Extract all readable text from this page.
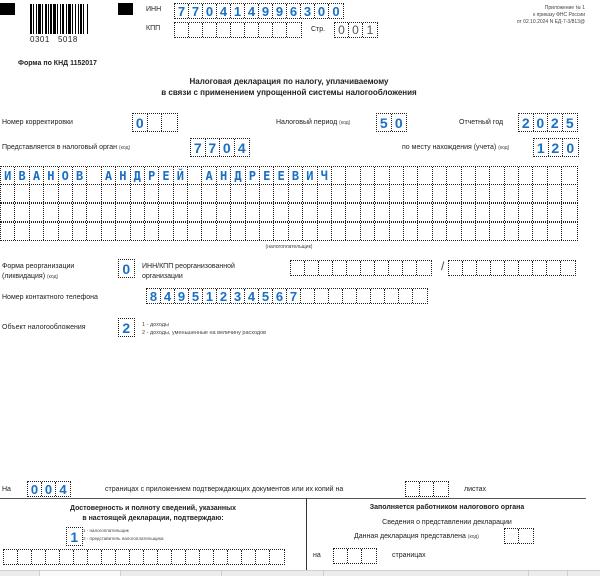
0301 5018
ИНН 7 7 0 4 1 4 9 9 6 3 0 0
КПП	Стр. 0 0 1
Приложение № 1
к приказу ФНС России
от 02.10.2024 N ЕД-7-3/813@
Форма по КНД 1152017
Налоговая декларация по налогу, уплачиваемому
в связи с применением упрощенной системы налогообложения
Номер корректировки	0	Налоговый период (код) 5 0	Отчетный год 2 0 2 5
Представляется в налоговый орган (код)	7 7 0 4	по месту нахождения (учета) (код) 1 2 0
И В А Н О В	А Н Д Р Е Й	А Н Д Р Е Е В И Ч
(налогоплательщик)
Форма реорганизации
(ликвидация) (код)
0	ИНН/КПП реорганизованной
организации
/
Номер контактного телефона	8 4 9 5 1 2 3 4 5 6 7
Объект налогообложения	2	1 - доходы
2 - доходы, уменьшенные на величину расходов
На 0 0 4	страницах с приложением подтверждающих документов или их копий на	листах
Достоверность и полноту сведений, указанных
в настоящей декларации, подтверждаю:
1	1 - налогоплательщик
2 - представитель налогоплательщика
Заполняется работником налогового органа
Сведения о представлении декларации
Данная декларация представлена (код)
на	страницах
